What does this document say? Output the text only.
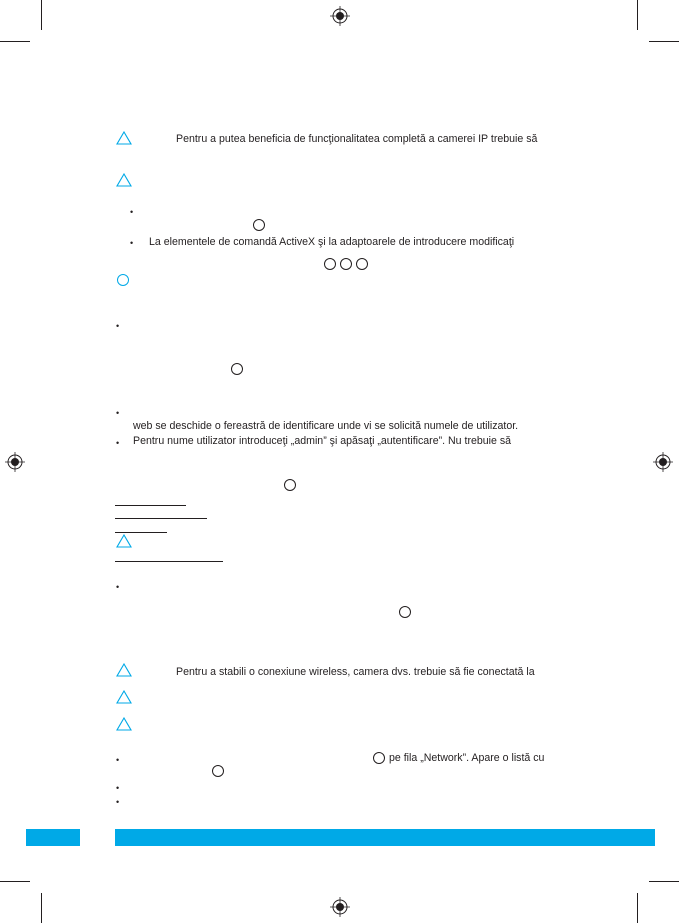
Pentru a putea beneficia de funcţionalitatea completă a camerei IP trebuie să
•
• La elementele de comandă ActiveX şi la adaptoarele de introducere modificaţi
•
•
web se deschide o fereastră de identificare unde vi se solicită numele de utilizator.
• Pentru nume utilizator introduceţi „admin” şi apăsaţi „autentificare”. Nu trebuie să
•
Pentru a stabili o conexiune wireless, camera dvs. trebuie să fie conectată la
•	pe fila „Network”. Apare o listă cu
•
•
